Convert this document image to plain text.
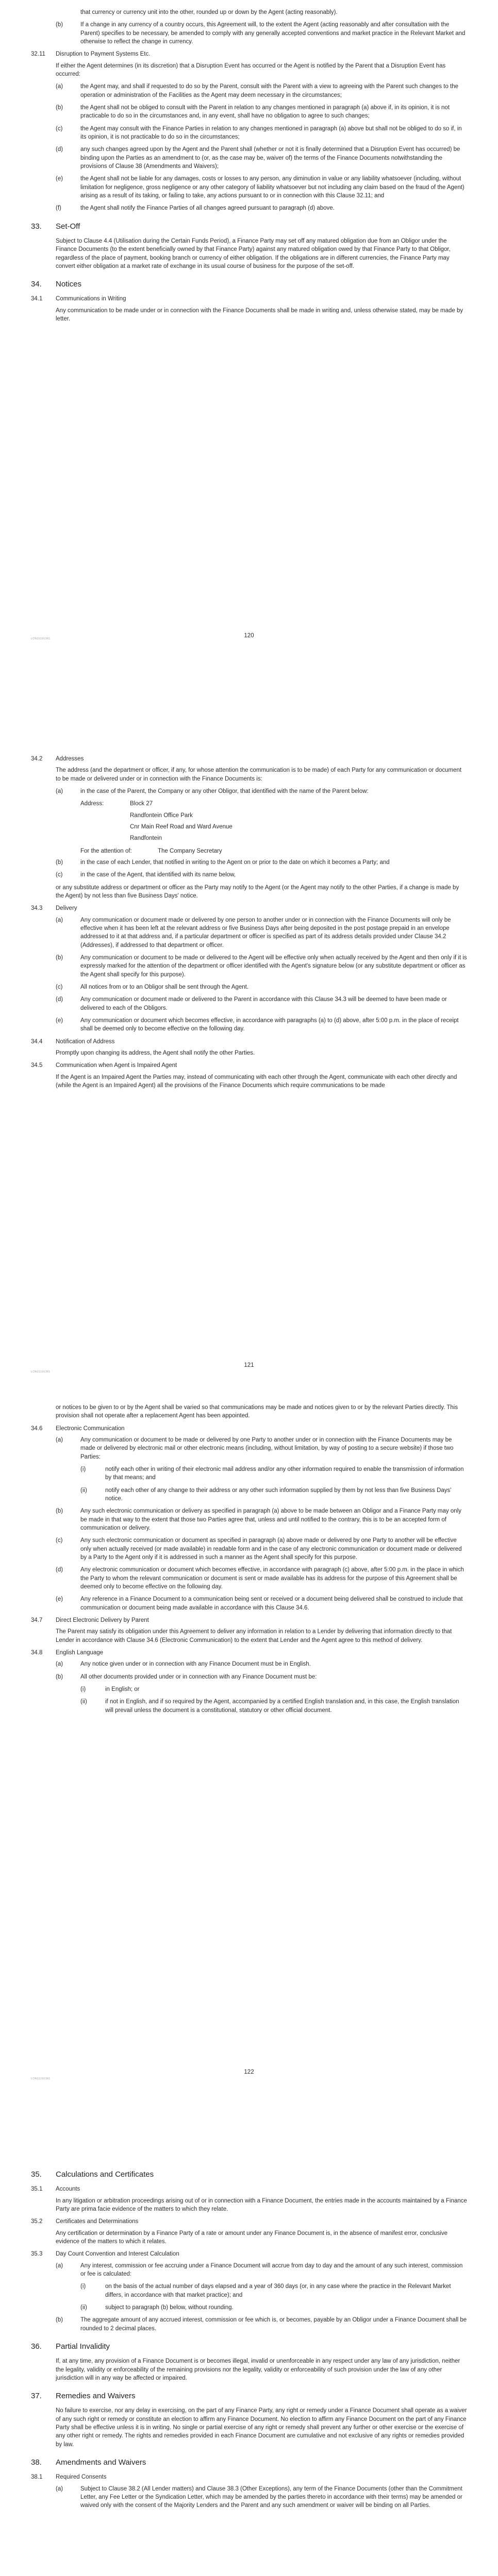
that currency or currency unit into the other, rounded up or down by the Agent (acting reasonably).
(b)	If a change in any currency of a country occurs, this Agreement will, to the extent the Agent (acting reasonably and after consultation with the Parent) specifies to be necessary, be amended to comply with any generally accepted conventions and market practice in the Relevant Market and otherwise to reflect the change in currency.
32.11	Disruption to Payment Systems Etc.

If either the Agent determines (in its discretion) that a Disruption Event has occurred or the Agent is notified by the Parent that a Disruption Event has occurred:

(a)	the Agent may, and shall if requested to do so by the Parent, consult with the Parent with a view to agreeing with the Parent such changes to the operation or administration of the Facilities as the Agent may deem necessary in the circumstances;
(b)	the Agent shall not be obliged to consult with the Parent in relation to any changes mentioned in paragraph (a) above if, in its opinion, it is not practicable to do so in the circumstances and, in any event, shall have no obligation to agree to such changes;
(c)	the Agent may consult with the Finance Parties in relation to any changes mentioned in paragraph (a) above but shall not be obliged to do so if, in its opinion, it is not practicable to do so in the circumstances;
(d)	any such changes agreed upon by the Agent and the Parent shall (whether or not it is finally determined that a Disruption Event has occurred) be binding upon the Parties as an amendment to (or, as the case may be, waiver of) the terms of the Finance Documents notwithstanding the provisions of Clause 38 (Amendments and Waivers);
(e)	the Agent shall not be liable for any damages, costs or losses to any person, any diminution in value or any liability whatsoever (including, without limitation for negligence, gross negligence or any other category of liability whatsoever but not including any claim based on the fraud of the Agent) arising as a result of its taking, or failing to take, any actions pursuant to or in connection with this Clause 32.11; and
(f)	the Agent shall notify the Finance Parties of all changes agreed pursuant to paragraph (d) above.
33.	Set-Off

Subject to Clause 4.4 (Utilisation during the Certain Funds Period), a Finance Party may set off any matured obligation due from an Obligor under the Finance Documents (to the extent beneficially owned by that Finance Party) against any matured obligation owed by that Finance Party to that Obligor, regardless of the place of payment, booking branch or currency of either obligation. If the obligations are in different currencies, the Finance Party may convert either obligation at a market rate of exchange in its usual course of business for the purpose of the set-off.

34.	Notices
34.1	Communications in Writing

Any communication to be made under or in connection with the Finance Documents shall be made in writing and, unless otherwise stated, may be made by letter.

LON31191361	120
34.2	Addresses

The address (and the department or officer, if any, for whose attention the communication is to be made) of each Party for any communication or document to be made or delivered under or in connection with the Finance Documents is:

(a)	in the case of the Parent, the Company or any other Obligor, that identified with the name of the Parent below:
Address:	Block 27
Randfontein Office Park
Cnr Main Reef Road and Ward Avenue
Randfontein
For the attention of:	The Company Secretary
(b)	in the case of each Lender, that notified in writing to the Agent on or prior to the date on which it becomes a Party; and
(c)	in the case of the Agent, that identified with its name below,

or any substitute address or department or officer as the Party may notify to the Agent (or the Agent may notify to the other Parties, if a change is made by the Agent) by not less than five Business Days' notice.

34.3	Delivery
(a)	Any communication or document made or delivered by one person to another under or in connection with the Finance Documents will only be effective when it has been left at the relevant address or five Business Days after being deposited in the post postage prepaid in an envelope addressed to it at that address and, if a particular department or officer is specified as part of its address details provided under Clause 34.2 (Addresses), if addressed to that department or officer.
(b)	Any communication or document to be made or delivered to the Agent will be effective only when actually received by the Agent and then only if it is expressly marked for the attention of the department or officer identified with the Agent's signature below (or any substitute department or officer as the Agent shall specify for this purpose).
(c)	All notices from or to an Obligor shall be sent through the Agent.
(d)	Any communication or document made or delivered to the Parent in accordance with this Clause 34.3 will be deemed to have been made or delivered to each of the Obligors.
(e)	Any communication or document which becomes effective, in accordance with paragraphs (a) to (d) above, after 5:00 p.m. in the place of receipt shall be deemed only to become effective on the following day.
34.4	Notification of Address

Promptly upon changing its address, the Agent shall notify the other Parties.

34.5	Communication when Agent is Impaired Agent

If the Agent is an Impaired Agent the Parties may, instead of communicating with each other through the Agent, communicate with each other directly and (while the Agent is an Impaired Agent) all the provisions of the Finance Documents which require communications to be made

LON31191361
121

or notices to be given to or by the Agent shall be varied so that communications may be made and notices given to or by the relevant Parties directly. This provision shall not operate after a replacement Agent has been appointed.

34.6	Electronic Communication
(a)	Any communication or document to be made or delivered by one Party to another under or in connection with the Finance Documents may be made or delivered by electronic mail or other electronic means (including, without limitation, by way of posting to a secure website) if those two Parties:
(i)	notify each other in writing of their electronic mail address and/or any other information required to enable the transmission of information by that means; and
(ii)	notify each other of any change to their address or any other such information supplied by them by not less than five Business Days' notice.
(b)	Any such electronic communication or delivery as specified in paragraph (a) above to be made between an Obligor and a Finance Party may only be made in that way to the extent that those two Parties agree that, unless and until notified to the contrary, this is to be an accepted form of communication or delivery.
(c)	Any such electronic communication or document as specified in paragraph (a) above made or delivered by one Party to another will be effective only when actually received (or made available) in readable form and in the case of any electronic communication or document made or delivered by a Party to the Agent only if it is addressed in such a manner as the Agent shall specify for this purpose.
(d)	Any electronic communication or document which becomes effective, in accordance with paragraph (c) above, after 5:00 p.m. in the place in which the Party to whom the relevant communication or document is sent or made available has its address for the purpose of this Agreement shall be deemed only to become effective on the following day.
(e)	Any reference in a Finance Document to a communication being sent or received or a document being delivered shall be construed to include that communication or document being made available in accordance with this Clause 34.6.
34.7	Direct Electronic Delivery by Parent

The Parent may satisfy its obligation under this Agreement to deliver any information in relation to a Lender by delivering that information directly to that Lender in accordance with Clause 34.6 (Electronic Communication) to the extent that Lender and the Agent agree to this method of delivery.

34.8	English Language
(a)	Any notice given under or in connection with any Finance Document must be in English.
(b)	All other documents provided under or in connection with any Finance Document must be:
(i)	in English; or
(ii)	if not in English, and if so required by the Agent, accompanied by a certified English translation and, in this case, the English translation will prevail unless the document is a constitutional, statutory or other official document.
LON31191361
122
35.	Calculations and Certificates
35.1	Accounts

In any litigation or arbitration proceedings arising out of or in connection with a Finance Document, the entries made in the accounts maintained by a Finance Party are prima facie evidence of the matters to which they relate.

35.2	Certificates and Determinations

Any certification or determination by a Finance Party of a rate or amount under any Finance Document is, in the absence of manifest error, conclusive evidence of the matters to which it relates.

35.3	Day Count Convention and Interest Calculation
(a)	Any interest, commission or fee accruing under a Finance Document will accrue from day to day and the amount of any such interest, commission or fee is calculated:
(i)	on the basis of the actual number of days elapsed and a year of 360 days (or, in any case where the practice in the Relevant Market differs, in accordance with that market practice); and
(ii)	subject to paragraph (b) below, without rounding.
(b)	The aggregate amount of any accrued interest, commission or fee which is, or becomes, payable by an Obligor under a Finance Document shall be rounded to 2 decimal places.
36.	Partial Invalidity

If, at any time, any provision of a Finance Document is or becomes illegal, invalid or unenforceable in any respect under any law of any jurisdiction, neither the legality, validity or enforceability of the remaining provisions nor the legality, validity or enforceability of such provision under the law of any other jurisdiction will in any way be affected or impaired.

37.	Remedies and Waivers

No failure to exercise, nor any delay in exercising, on the part of any Finance Party, any right or remedy under a Finance Document shall operate as a waiver of any such right or remedy or constitute an election to affirm any Finance Document. No election to affirm any Finance Document on the part of any Finance Party shall be effective unless it is in writing. No single or partial exercise of any right or remedy shall prevent any further or other exercise or the exercise of any other right or remedy. The rights and remedies provided in each Finance Document are cumulative and not exclusive of any rights or remedies provided by law.

38.	Amendments and Waivers
38.1	Required Consents
(a)	Subject to Clause 38.2 (All Lender matters) and Clause 38.3 (Other Exceptions), any term of the Finance Documents (other than the Commitment Letter, any Fee Letter or the Syndication Letter, which may be amended by the parties thereto in accordance with their terms) may be amended or waived only with the consent of the Majority Lenders and the Parent and any such amendment or waiver will be binding on all Parties.
